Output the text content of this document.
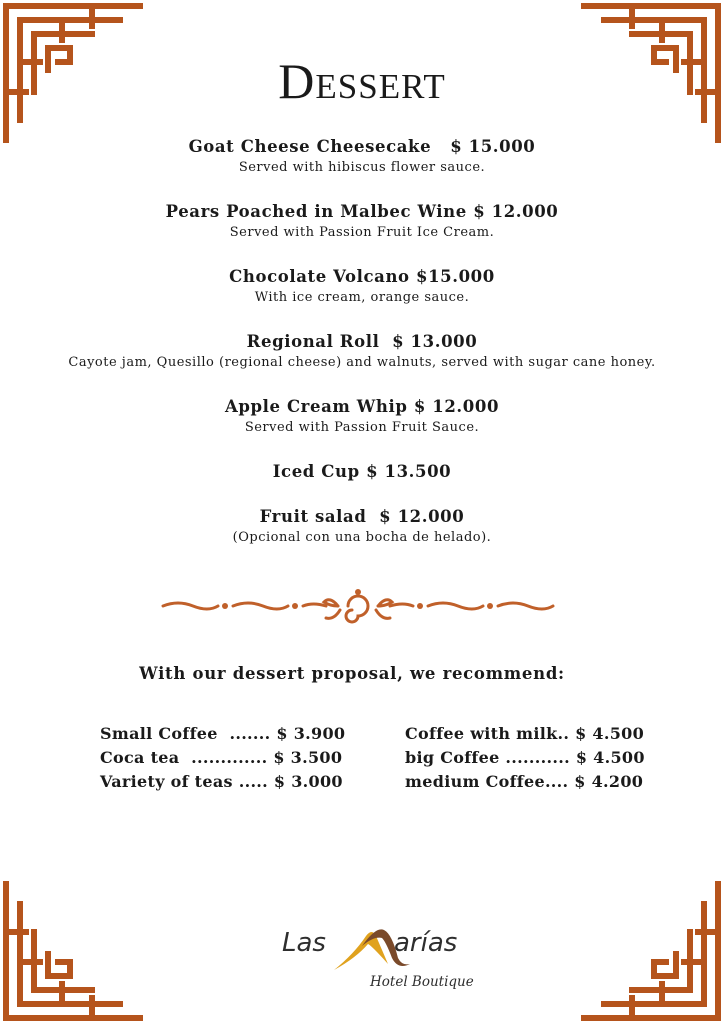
Dessert
Goat Cheese Cheesecake   $ 15.000
Served with hibiscus flower sauce.
Pears Poached in Malbec Wine $ 12.000
Served with Passion Fruit Ice Cream.
Chocolate Volcano $15.000
With ice cream, orange sauce.
Regional Roll  $ 13.000
Cayote jam, Quesillo (regional cheese) and walnuts, served with sugar cane honey.
Apple Cream Whip $ 12.000
Served with Passion Fruit Sauce.
Iced Cup $ 13.500
Fruit salad  $ 12.000
(Opcional con una bocha de helado).
With our dessert proposal, we recommend:
Small Coffee  ....... $ 3.900
Coca tea  ............. $ 3.500
Variety of teas ..... $ 3.000
Coffee with milk.. $ 4.500
big Coffee ........... $ 4.500
medium Coffee.... $ 4.200
Las	arías
Hotel Boutique
